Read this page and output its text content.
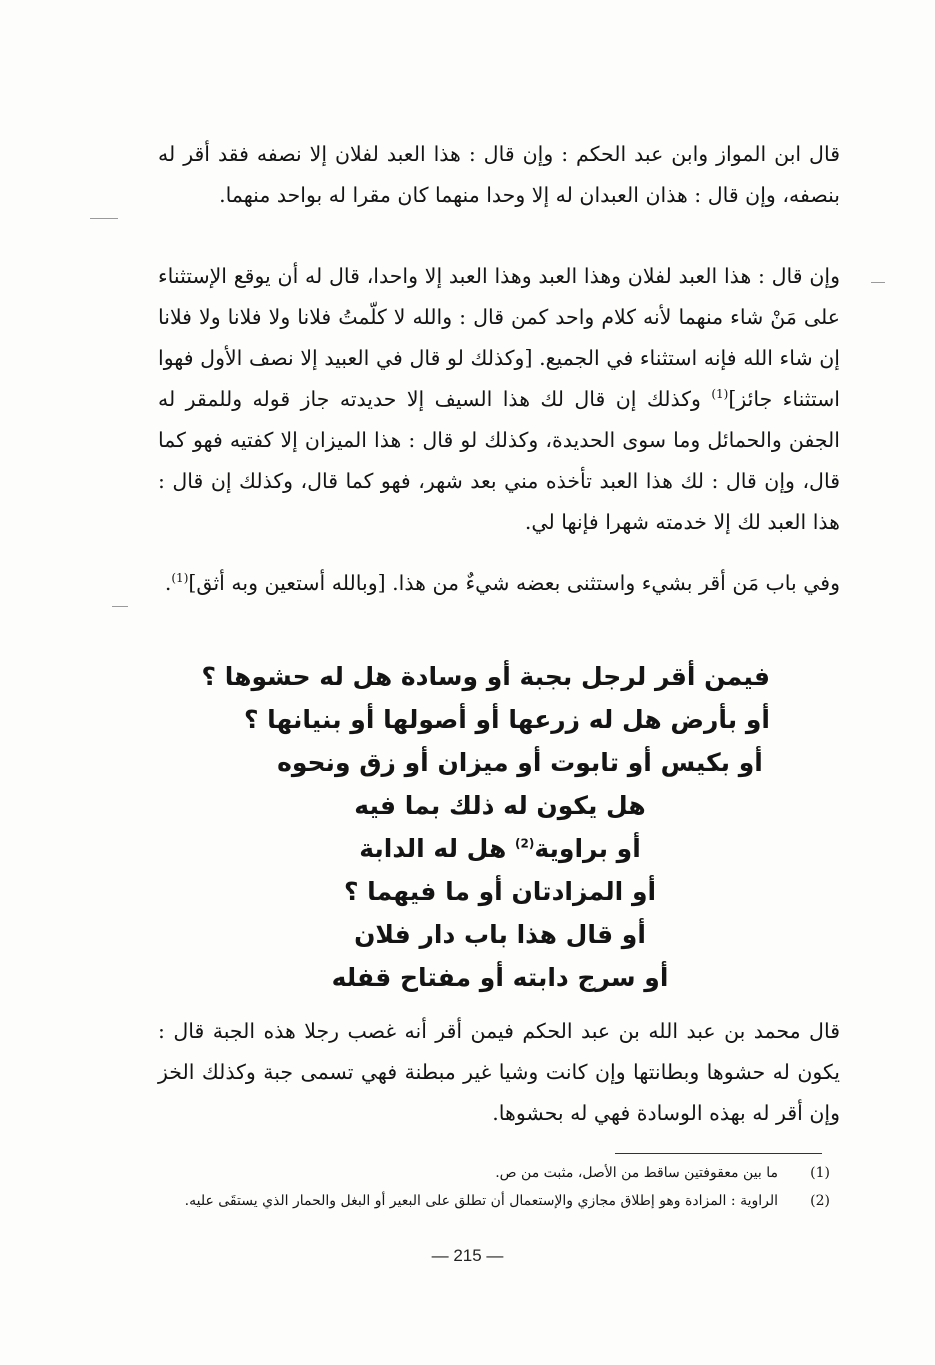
قال ابن المواز وابن عبد الحكم : وإن قال : هذا العبد لفلان إلا نصفه فقد أقر له بنصفه، وإن قال : هذان العبدان له إلا وحدا منهما كان مقرا له بواحد منهما.

وإن قال : هذا العبد لفلان وهذا العبد وهذا العبد إلا واحدا، قال له أن يوقع الإستثناء على مَنْ شاء منهما لأنه كلام واحد كمن قال : والله لا كلّمتُ فلانا ولا فلانا ولا فلانا إن شاء الله فإنه استثناء في الجميع. [وكذلك لو قال في العبيد إلا نصف الأول فهوا استثناء جائز]$^{(1)}$ وكذلك إن قال لك هذا السيف إلا حديدته جاز قوله وللمقر له الجفن والحمائل وما سوى الحديدة، وكذلك لو قال : هذا الميزان إلا كفتيه فهو كما قال، وإن قال : لك هذا العبد تأخذه مني بعد شهر، فهو كما قال، وكذلك إن قال : هذا العبد لك إلا خدمته شهرا فإنها لي.

وفي باب مَن أقر بشيء واستثنى بعضه شيءٌ من هذا. [وبالله أستعين وبه أثق]$^{(1)}$.

فيمن أقر لرجل بجبة أو وسادة هل له حشوها ؟

أو بأرض هل له زرعها أو أصولها أو بنيانها ؟

أو بكيس أو تابوت أو ميزان أو زق ونحوه

هل يكون له ذلك بما فيه

أو براوية$^{(2)}$ هل له الدابة

أو المزادتان أو ما فيهما ؟

أو قال هذا باب دار فلان

أو سرج دابته أو مفتاح قفله

قال محمد بن عبد الله بن عبد الحكم فيمن أقر أنه غصب رجلا هذه الجبة قال : يكون له حشوها وبطانتها وإن كانت وشيا غير مبطنة فهي تسمى جبة وكذلك الخز وإن أقر له بهذه الوسادة فهي له بحشوها.

(1)
ما بين معقوفتين ساقط من الأصل، مثبت من ص.
(2)
الراوية : المزادة وهو إطلاق مجازي والإستعمال أن تطلق على البعير أو البغل والحمار الذي يستقَى عليه.
— 215 —
